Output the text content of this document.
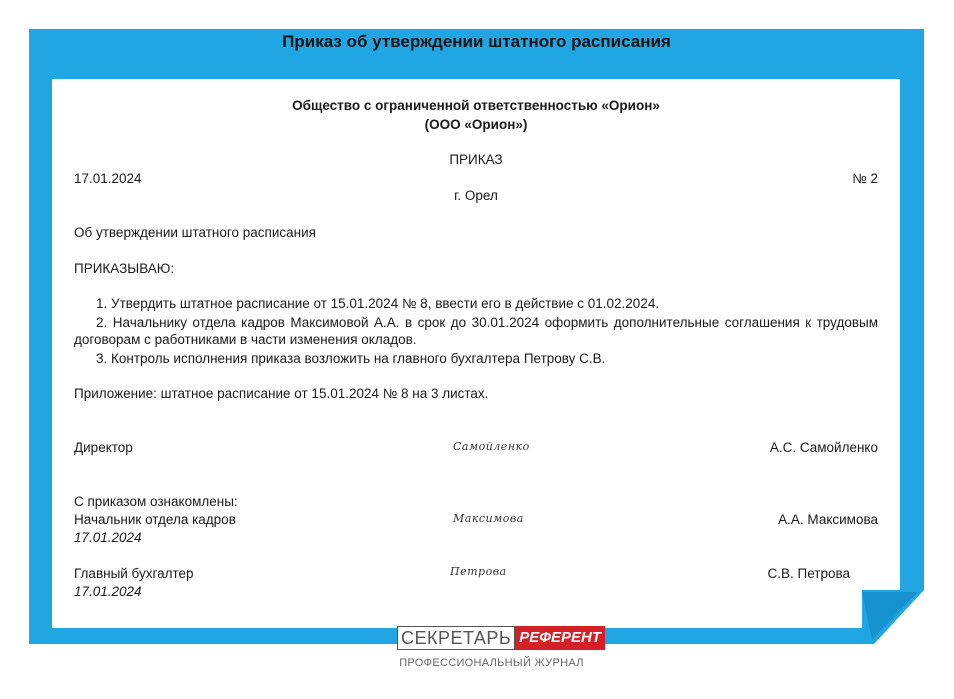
Приказ об утверждении штатного расписания
Общество с ограниченной ответственностью «Орион»
(ООО «Орион»)
ПРИКАЗ
17.01.2024	№ 2
г. Орел
Об утверждении штатного расписания
ПРИКАЗЫВАЮ:
1. Утвердить штатное расписание от 15.01.2024 № 8, ввести его в действие с 01.02.2024.
2. Начальнику отдела кадров Максимовой А.А. в срок до 30.01.2024 оформить дополнительные соглашения к трудовым договорам с работниками в части изменения окладов.
3. Контроль исполнения приказа возложить на главного бухгалтера Петрову С.В.
Приложение: штатное расписание от 15.01.2024 № 8 на 3 листах.
Директор	Самойленко	А.С. Самойленко
С приказом ознакомлены:
Начальник отдела кадров
17.01.2024
Максимова	А.А. Максимова
Главный бухгалтер
17.01.2024
Петрова	С.В. Петрова
СЕКРЕТАРЬ РЕФЕРЕНТ
ПРОФЕССИОНАЛЬНЫЙ ЖУРНАЛ
